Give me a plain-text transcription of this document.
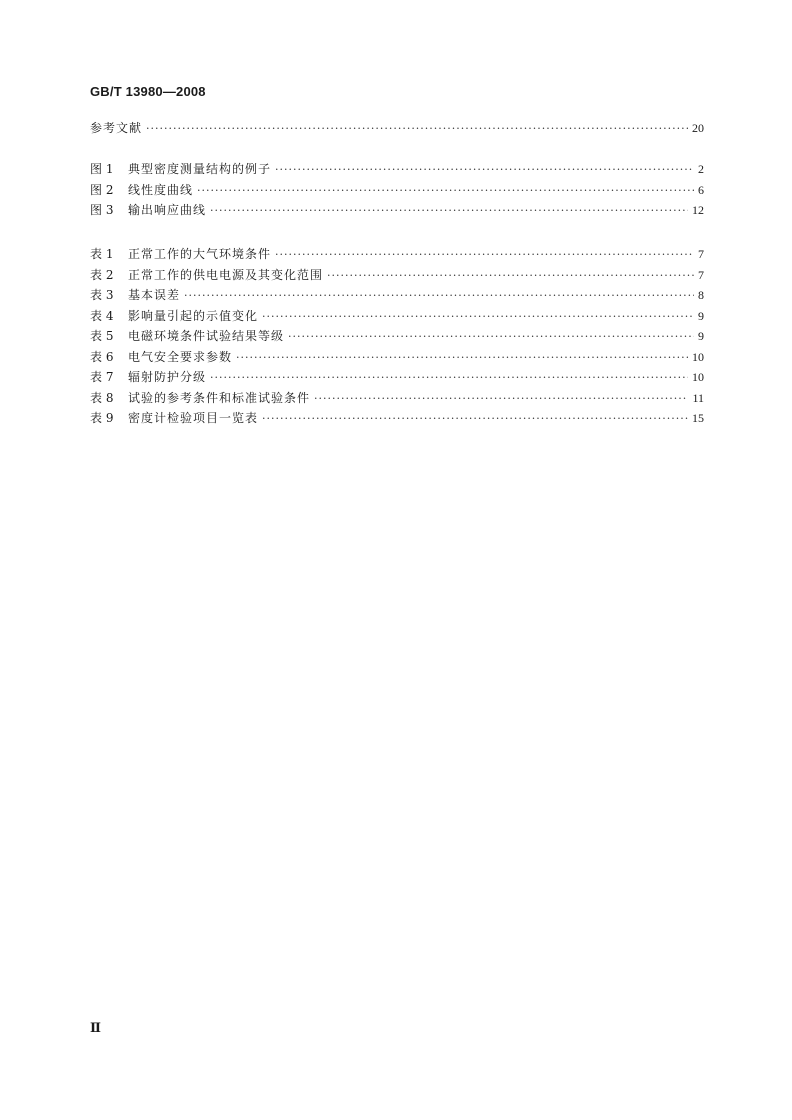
GB/T 13980—2008
参考文献 ·····	20
图 1	典型密度测量结构的例子 ·····	2
图 2	线性度曲线 ·····	6
图 3	输出响应曲线 ·····	12
表 1	正常工作的大气环境条件 ·····	7
表 2	正常工作的供电电源及其变化范围 ·····	7
表 3	基本误差 ·····	8
表 4	影响量引起的示值变化 ·····	9
表 5	电磁环境条件试验结果等级 ·····	9
表 6	电气安全要求参数 ·····	10
表 7	辐射防护分级 ·····	10
表 8	试验的参考条件和标准试验条件 ·····	11
表 9	密度计检验项目一览表 ·····	15
Ⅱ
